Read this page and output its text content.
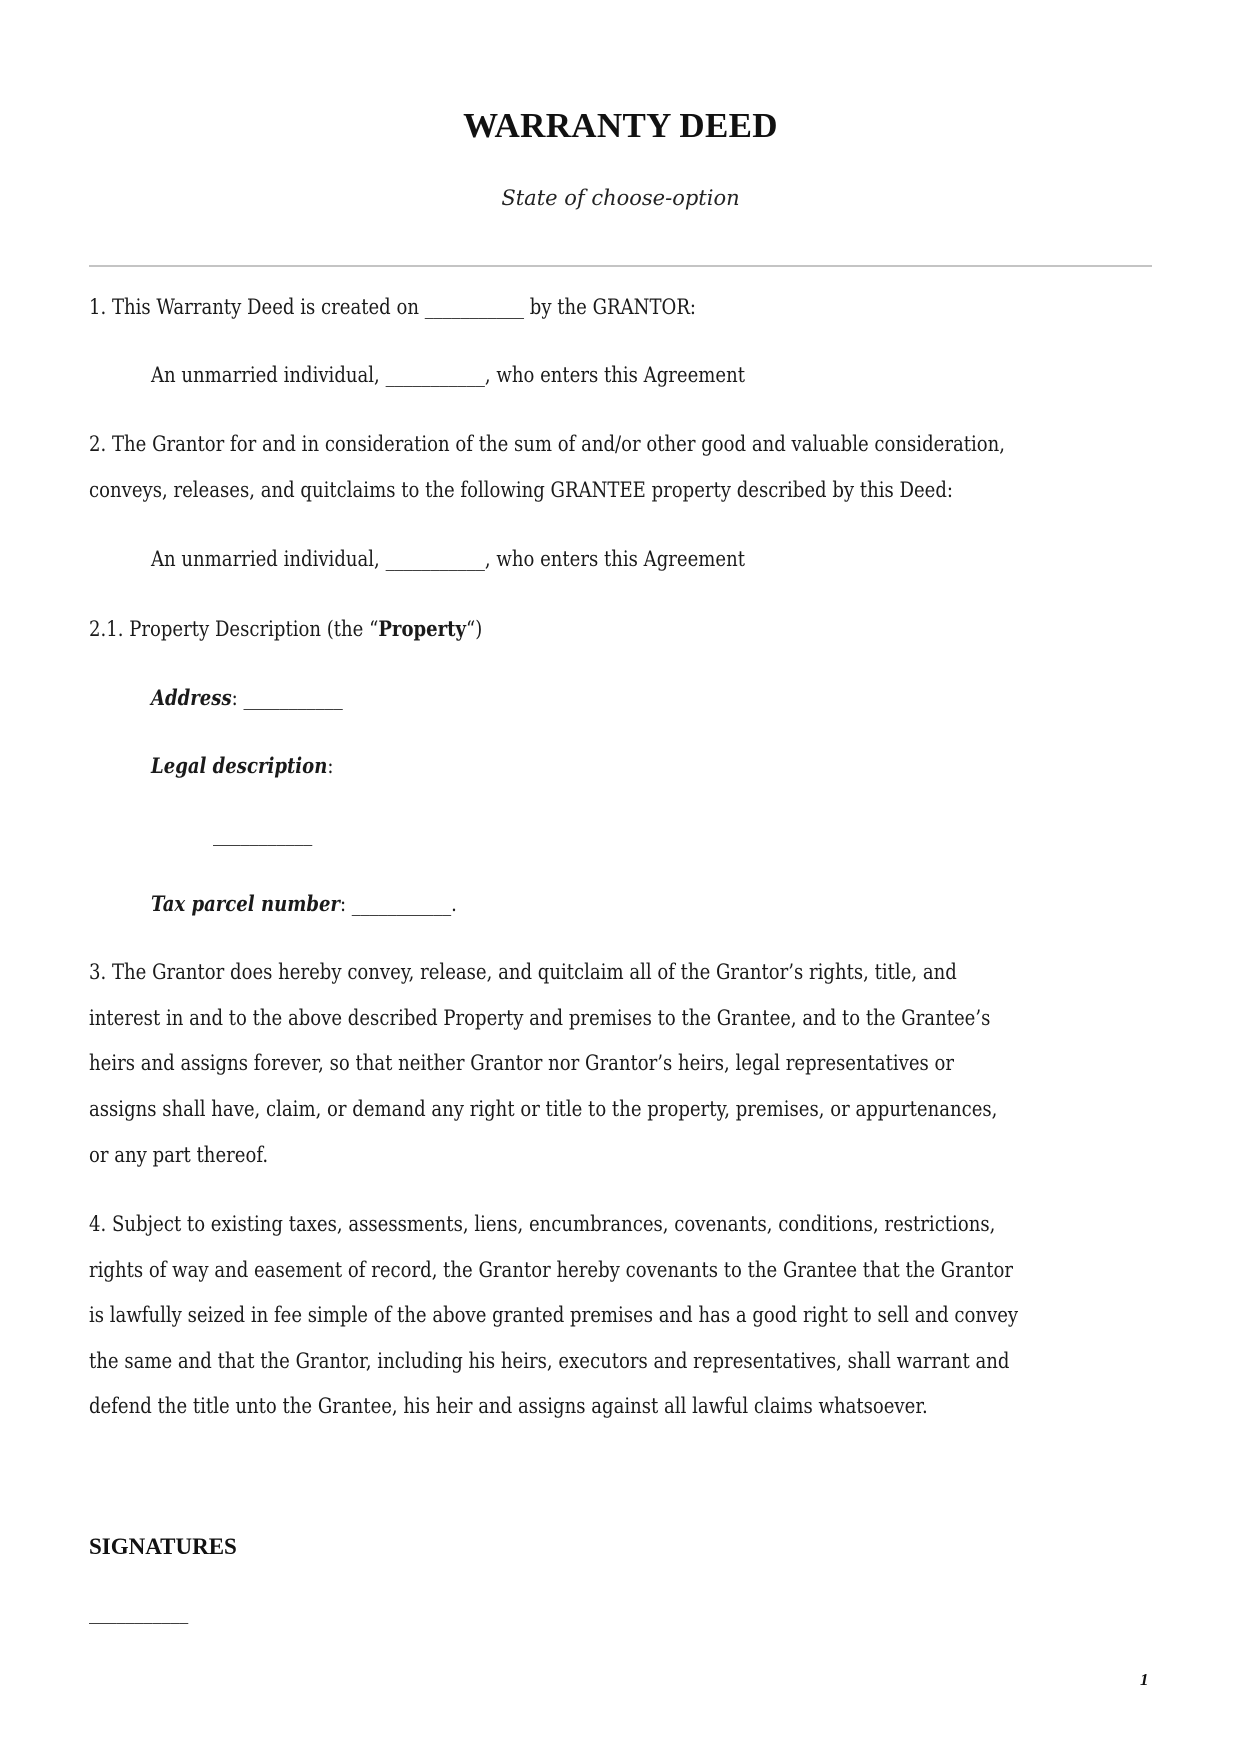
WARRANTY DEED
State of choose-option
1. This Warranty Deed is created on ___________ by the GRANTOR:
An unmarried individual, ___________, who enters this Agreement
2. The Grantor for and in consideration of the sum of and/or other good and valuable consideration,
conveys, releases, and quitclaims to the following GRANTEE property described by this Deed:
An unmarried individual, ___________, who enters this Agreement
2.1. Property Description (the “Property“)
Address: ___________
Legal description:
___________
Tax parcel number: ___________.
3. The Grantor does hereby convey, release, and quitclaim all of the Grantor’s rights, title, and
interest in and to the above described Property and premises to the Grantee, and to the Grantee’s
heirs and assigns forever, so that neither Grantor nor Grantor’s heirs, legal representatives or
assigns shall have, claim, or demand any right or title to the property, premises, or appurtenances,
or any part thereof.
4. Subject to existing taxes, assessments, liens, encumbrances, covenants, conditions, restrictions,
rights of way and easement of record, the Grantor hereby covenants to the Grantee that the Grantor
is lawfully seized in fee simple of the above granted premises and has a good right to sell and convey
the same and that the Grantor, including his heirs, executors and representatives, shall warrant and
defend the title unto the Grantee, his heir and assigns against all lawful claims whatsoever.
SIGNATURES
___________
1
